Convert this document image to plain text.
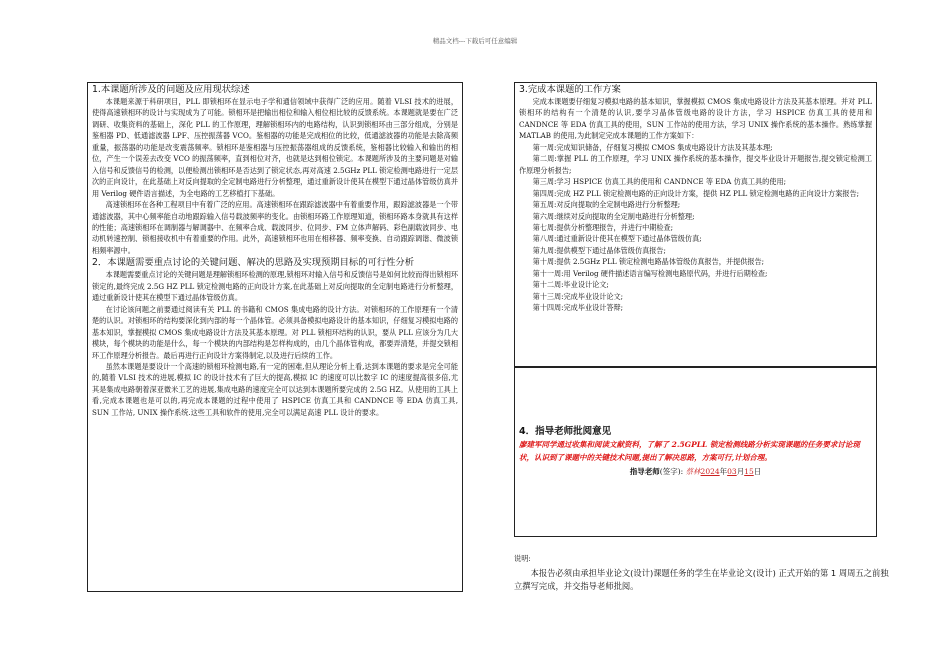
精品文档---下载后可任意编辑
1.本课题所涉及的问题及应用现状综述

本课题来源于科研项目，PLL 即锁相环在显示电子学和通信领域中获得广泛的应用。随着 VLSI 技术的进展，使得高速锁相环的设计与实现成为了可能。锁相环是把输出相位和输入相位相比较的反馈系统。本课题就是要在广泛调研、收集资料的基础上，深化 PLL 的工作原理，理解锁相环内的电路结构，认识到锁相环由三部分组成，分别是鉴相器 PD、低通滤波器 LPF、压控振荡器 VCO。鉴相器的功能是完成相位的比较，低通滤波器的功能是去除高频重量，振荡器的功能是改变震荡频率。锁相环是鉴相器与压控振荡器组成的反馈系统，鉴相器比较输入和输出的相位，产生一个误差去改变 VCO 的振荡频率，直到相位对齐，也就是达到相位锁定。本课题所涉及的主要问题是对输入信号和反馈信号的检测，以便检测出锁相环是否达到了锁定状态,再对高速 2.5GHz PLL 锁定检测电路进行一定层次的正向设计，在此基础上对反向提取的全定制电路进行分析整理，通过重新设计使其在模型下通过晶体管级仿真并用 Verilog 硬件语言描述，为全电路的工艺移植打下基础。

高速锁相环在各种工程项目中有着广泛的应用。高速锁相环在跟踪滤波器中有着重要作用，跟踪滤波器是一个带通滤波器，其中心频率能自动地跟踪输入信号载波频率的变化。由锁相环路工作原理知道，锁相环路本身就具有这样的性能；高速锁相环在调制器与解调器中、在频率合成、载波同步、位同步、FM 立体声解码、彩色副载波同步、电动机转速控制、锁相接收机中有着重要的作用。此外，高速锁相环也用在相移器、频率变换、自动跟踪调谐、微波锁相频率源中。

2．本课题需要重点讨论的关键问题、解决的思路及实现预期目标的可行性分析

本课题需要重点讨论的关键问题是理解锁相环检测的原理,锁相环对输入信号和反馈信号是如何比较而得出锁相环锁定的,最终完成 2.5G HZ PLL 锁定检测电路的正向设计方案,在此基础上对反向提取的全定制电路进行分析整理，通过重新设计使其在模型下通过晶体管级仿真。

在讨论该问题之前要通过阅读有关 PLL 的书籍和 CMOS 集成电路的设计方法。对锁相环的工作原理有一个清楚的认识。对锁相环的结构要深化到内部的每一个晶体管。必须具备模拟电路设计的基本知识，仔细复习模拟电路的基本知识，掌握模拟 CMOS 集成电路设计方法及其基本原理。对 PLL 锁相环结构的认识，要从 PLL 应该分为几大模块，每个模块的功能是什么，每一个模块的内部结构是怎样构成的，由几个晶体管构成，都要弄清楚，并提交锁相环工作原理分析报告。最后再进行正向设计方案得制定,以及进行后续的工作。

虽然本课题是要设计一个高速的锁相环检测电路,有一定的困难,但从理论分析上看,达到本课题的要求是完全可能的,随着 VLSI 技术的进展,模拟 IC 的设计技术有了巨大的提高,模拟 IC 的速度可以比数字 IC 的速度提高很多倍,尤其是集成电路朝着深亚微米工艺的进展,集成电路的速度完全可以达到本课题所要完成的 2.5G HZ。从使用的工具上看,完成本课题也是可以的,再完成本课题的过程中使用了 HSPICE 仿真工具和 CANDNCE 等 EDA 仿真工具, SUN 工作站, UNIX 操作系统.这些工具和软件的使用,完全可以满足高速 PLL 设计的要求。

3.完成本课题的工作方案

完成本课题要仔细复习模拟电路的基本知识，掌握模拟 CMOS 集成电路设计方法及其基本原理。并对 PLL 锁相环的结构有一个清楚的认识,要学习晶体管级电路的设计方法，学习 HSPICE 仿真工具的使用和 CANDNCE 等 EDA 仿真工具的使用，SUN 工作站的使用方法，学习 UNIX 操作系统的基本操作。熟练掌握 MATLAB 的使用,为此制定完成本课题的工作方案如下：

第一周:完成知识储备，仔细复习模拟 CMOS 集成电路设计方法及其基本理;

第二周:掌握 PLL 的工作原理，学习 UNIX 操作系统的基本操作，提交毕业设计开题报告,提交锁定检测工作原理分析报告;

第三周:学习 HSPICE 仿真工具的使用和 CANDNCE 等 EDA 仿真工具的使用;

第四周:完成 HZ PLL 锁定检测电路的正向设计方案，提供 HZ PLL 锁定检测电路的正向设计方案报告;

第五周:对反向提取的全定制电路进行分析整理;

第六周:继续对反向提取的全定制电路进行分析整理;

第七周:提供分析整理报告，并进行中期检查;

第八周:通过重新设计使其在模型下通过晶体管级仿真;

第九周:提供模型下通过晶体管级仿真报告;

第十周:提供 2.5GHz PLL 锁定检测电路晶体管级仿真报告，并提供报告;

第十一周:用 Verilog 硬件描述语言编写检测电路原代码，并进行后期检查;

第十二周:毕业设计论文;

第十三周:完成毕业设计论文;

第十四周:完成毕业设计答辩;

4．指导老师批阅意见

廖建军同学通过收集和阅读文献资料，了解了 2.5GPLL 锁定检测线路分析实现课题的任务要求讨论现状，认识到了课题中的关键技术问题,提出了解决思路，方案可行,计划合理。

指导老师(签字): 蔡林2024年03月15日

说明:

本报告必须由承担毕业论文(设计)课题任务的学生在毕业论文(设计) 正式开始的第 1 周周五之前独立撰写完成，并交指导老师批阅。
